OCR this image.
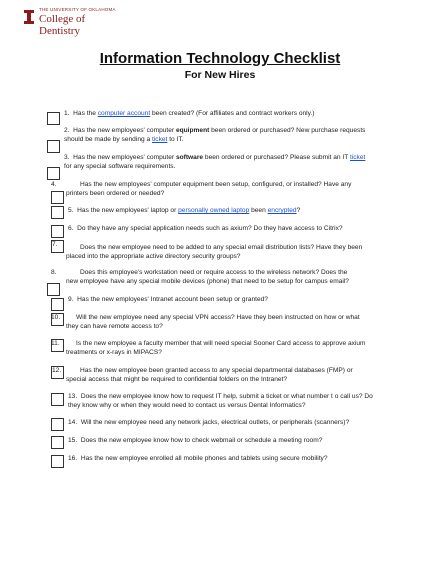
THE UNIVERSITY OF OKLAHOMA
College of
Dentistry
Information Technology Checklist
For New Hires
1. Has the computer account been created? (For affiliates and contract workers only.)
2. Has the new employees' computer equipment been ordered or purchased? New purchase requests
should be made by sending a ticket to IT.
3. Has the new employees' computer software been ordered or purchased? Please submit an IT ticket
for any special software requirements.
4.	Has the new employees' computer equipment been setup, configured, or installed? Have any
printers been ordered or needed?
5. Has the new employees' laptop or personally owned laptop been encrypted?
6. Do they have any special application needs such as axium? Do they have access to Citrix?
7.	Does the new employee need to be added to any special email distribution lists? Have they been
placed into the appropriate active directory security groups?
8.	Does this employee's workstation need or require access to the wireless network? Does the
new employee have any special mobile devices (phone) that need to be setup for campus email?
9. Has the new employees' Intranet account been setup or granted?
10. Will the new employee need any special VPN access? Have they been instructed on how or what
they can have remote access to?
11. Is the new employee a faculty member that will need special Sooner Card access to approve axium
treatments or x-rays in MIPACS?
12.	Has the new employee been granted access to any special departmental databases (FMP) or
special access that might be required to confidential folders on the Intranet?
13. Does the new employee know how to request IT help, submit a ticket or what number t o call us? Do
they know why or when they would need to contact us versus Dental Informatics?
14. Will the new employee need any network jacks, electrical outlets, or peripherals (scanners)?
15. Does the new employee know how to check webmail or schedule a meeting room?
16. Has the new employee enrolled all mobile phones and tablets using secure mobility?
